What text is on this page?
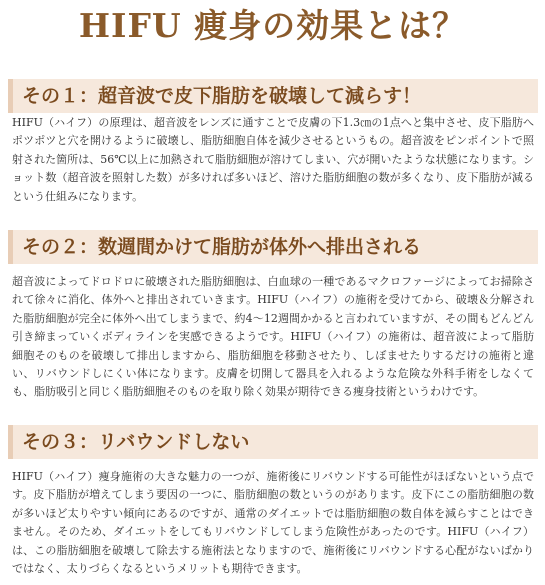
HIFU 痩身の効果とは？
その１：超音波で皮下脂肪を破壊して減らす！
HIFU（ハイフ）の原理は、超音波をレンズに通すことで皮膚の下1.3㎝の1点へと集中させ、皮下脂肪へポツポツと穴を開けるように破壊し、脂肪細胞自体を減少させるというもの。超音波をピンポイントで照射された箇所は、56℃以上に加熱されて脂肪細胞が溶けてしまい、穴が開いたような状態になります。ショット数（超音波を照射した数）が多ければ多いほど、溶けた脂肪細胞の数が多くなり、皮下脂肪が減るという仕組みになります。
その２：数週間かけて脂肪が体外へ排出される
超音波によってドロドロに破壊された脂肪細胞は、白血球の一種であるマクロファージによってお掃除されて徐々に消化、体外へと排出されていきます。HIFU（ハイフ）の施術を受けてから、破壊＆分解された脂肪細胞が完全に体外へ出てしまうまで、約4〜12週間かかると言われていますが、その間もどんどん引き締まっていくボディラインを実感できるようです。HIFU（ハイフ）の施術は、超音波によって脂肪細胞そのものを破壊して排出しますから、脂肪細胞を移動させたり、しぼませたりするだけの施術と違い、リバウンドしにくい体になります。皮膚を切開して器具を入れるような危険な外科手術をしなくても、脂肪吸引と同じく脂肪細胞そのものを取り除く効果が期待できる痩身技術というわけです。
その３：リバウンドしない
HIFU（ハイフ）痩身施術の大きな魅力の一つが、施術後にリバウンドする可能性がほぼないという点です。皮下脂肪が増えてしまう要因の一つに、脂肪細胞の数というのがあります。皮下にこの脂肪細胞の数が多いほど太りやすい傾向にあるのですが、通常のダイエットでは脂肪細胞の数自体を減らすことはできません。そのため、ダイエットをしてもリバウンドしてしまう危険性があったのです。HIFU（ハイフ）は、この脂肪細胞を破壊して除去する施術法となりますので、施術後にリバウンドする心配がないばかりではなく、太りづらくなるというメリットも期待できます。
